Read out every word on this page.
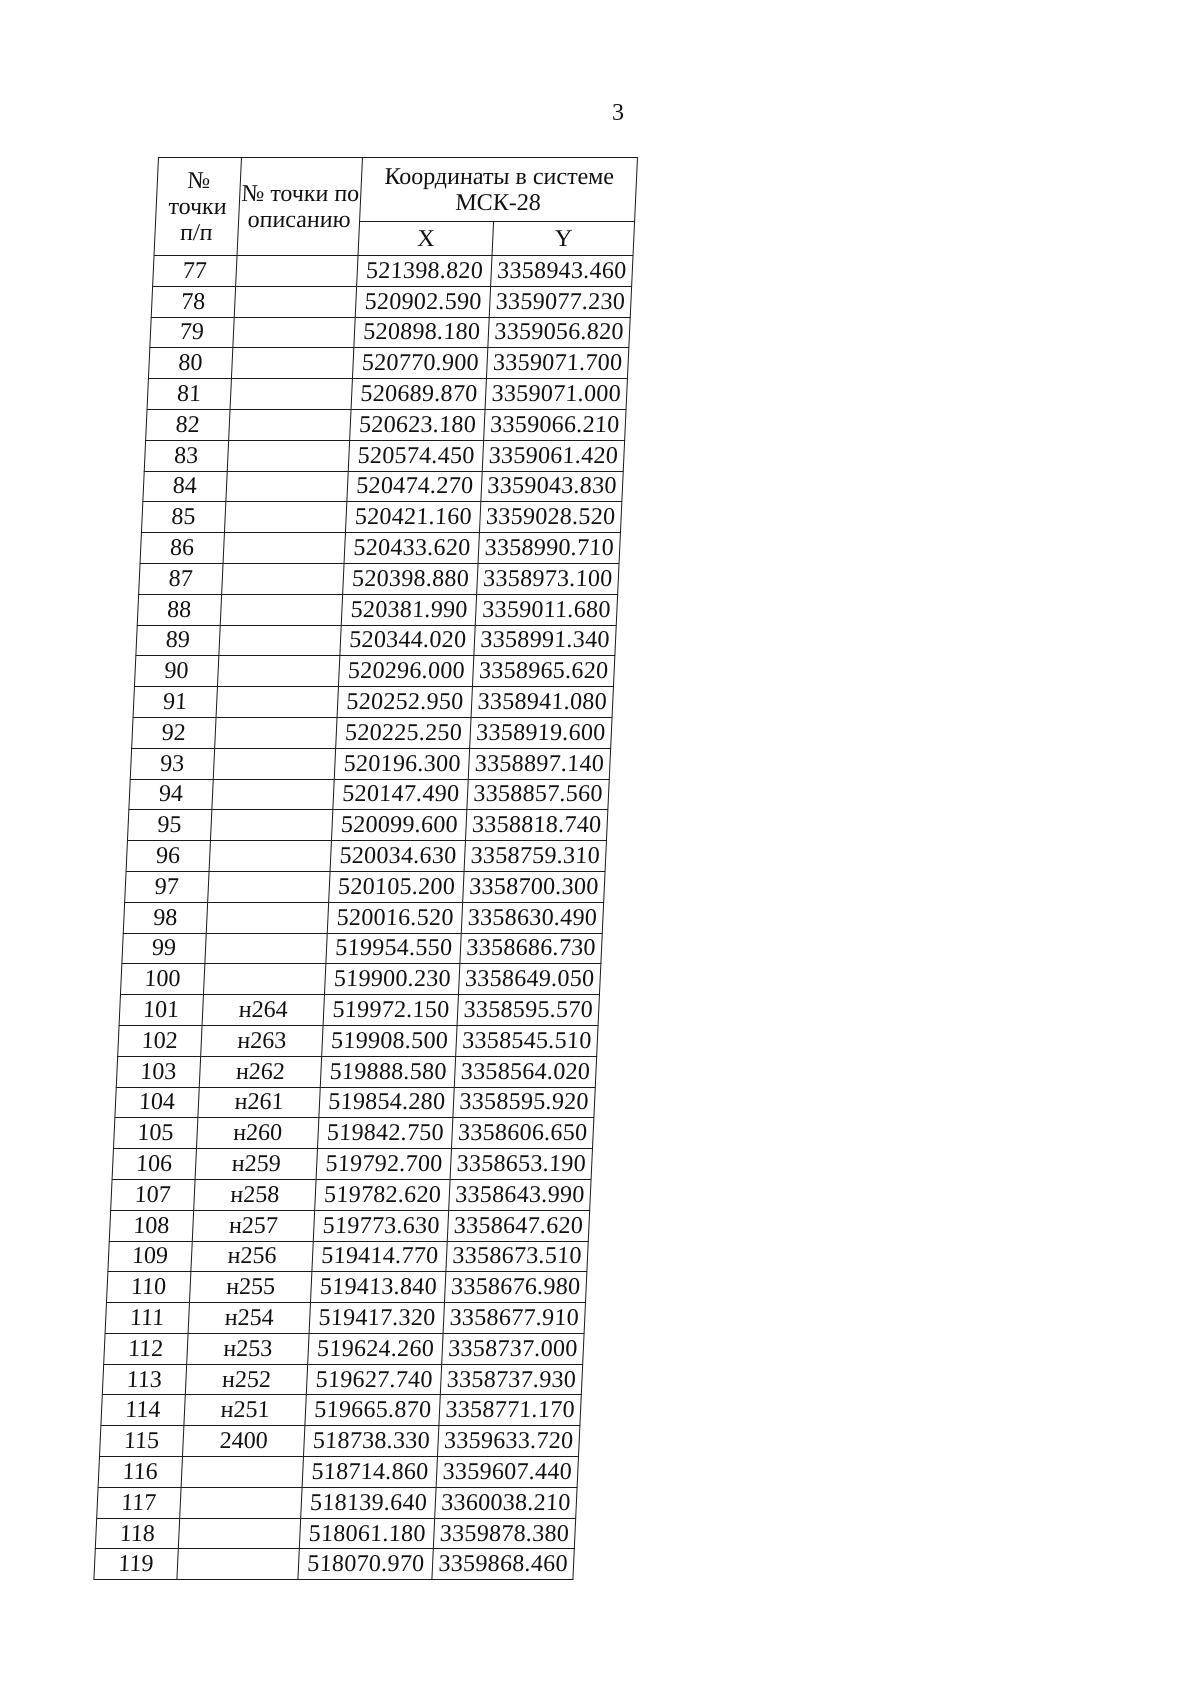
3
№ точки п/п	№ точки по описанию	Координаты в системе МСК-28	
		X	Y
77		521398.820	3358943.460
78		520902.590	3359077.230
79		520898.180	3359056.820
80		520770.900	3359071.700
81		520689.870	3359071.000
82		520623.180	3359066.210
83		520574.450	3359061.420
84		520474.270	3359043.830
85		520421.160	3359028.520
86		520433.620	3358990.710
87		520398.880	3358973.100
88		520381.990	3359011.680
89		520344.020	3358991.340
90		520296.000	3358965.620
91		520252.950	3358941.080
92		520225.250	3358919.600
93		520196.300	3358897.140
94		520147.490	3358857.560
95		520099.600	3358818.740
96		520034.630	3358759.310
97		520105.200	3358700.300
98		520016.520	3358630.490
99		519954.550	3358686.730
100		519900.230	3358649.050
101	н264	519972.150	3358595.570
102	н263	519908.500	3358545.510
103	н262	519888.580	3358564.020
104	н261	519854.280	3358595.920
105	н260	519842.750	3358606.650
106	н259	519792.700	3358653.190
107	н258	519782.620	3358643.990
108	н257	519773.630	3358647.620
109	н256	519414.770	3358673.510
110	н255	519413.840	3358676.980
111	н254	519417.320	3358677.910
112	н253	519624.260	3358737.000
113	н252	519627.740	3358737.930
114	н251	519665.870	3358771.170
115	2400	518738.330	3359633.720
116		518714.860	3359607.440
117		518139.640	3360038.210
118		518061.180	3359878.380
119		518070.970	3359868.460
